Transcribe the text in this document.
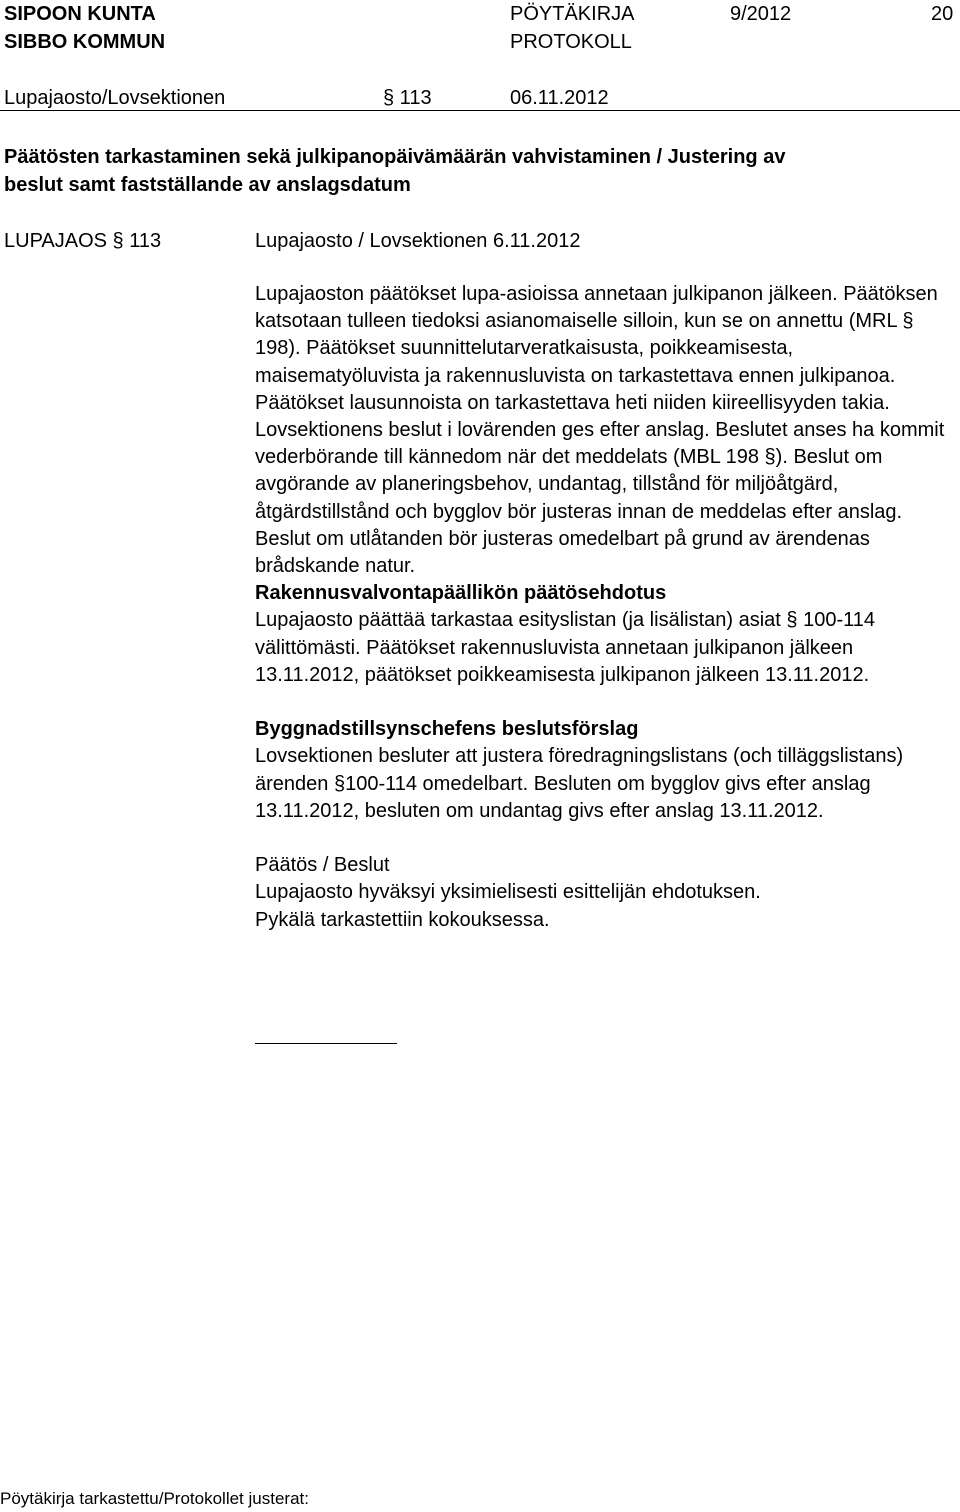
SIPOON KUNTA
SIBBO KOMMUN
PÖYTÄKIRJA
PROTOKOLL
9/2012	20
Lupajaosto/Lovsektionen	§ 113	06.11.2012
Päätösten tarkastaminen sekä julkipanopäivämäärän vahvistaminen / Justering av
beslut samt fastställande av anslagsdatum
LUPAJAOS § 113	Lupajaosto / Lovsektionen 6.11.2012

Lupajaoston päätökset lupa-asioissa annetaan julkipanon jälkeen. Päätöksen katsotaan tulleen tiedoksi asianomaiselle silloin, kun se on annettu (MRL § 198). Päätökset suunnittelutarveratkaisusta, poikkeamisesta, maisematyöluvista ja rakennusluvista on tarkastettava ennen julkipanoa. Päätökset lausunnoista on tarkastettava heti niiden kiireellisyyden takia.

Lovsektionens beslut i lovärenden ges efter anslag. Beslutet anses ha kommit vederbörande till kännedom när det meddelats (MBL 198 §). Beslut om avgörande av planeringsbehov, undantag, tillstånd för miljöåtgärd, åtgärdstillstånd och bygglov bör justeras innan de meddelas efter anslag. Beslut om utlåtanden bör justeras omedelbart på grund av ärendenas brådskande natur.

Rakennusvalvontapäällikön päätösehdotus

Lupajaosto päättää tarkastaa esityslistan (ja lisälistan) asiat § 100-114 välittömästi. Päätökset rakennusluvista annetaan julkipanon jälkeen 13.11.2012, päätökset poikkeamisesta julkipanon jälkeen 13.11.2012.

Byggnadstillsynschefens beslutsförslag

Lovsektionen besluter att justera föredragningslistans (och tilläggslistans) ärenden §100-114 omedelbart. Besluten om bygglov givs efter anslag 13.11.2012, besluten om undantag givs efter anslag 13.11.2012.

Päätös / Beslut

Lupajaosto hyväksyi yksimielisesti esittelijän ehdotuksen.

Pykälä tarkastettiin kokouksessa.

Pöytäkirja tarkastettu/Protokollet justerat:
